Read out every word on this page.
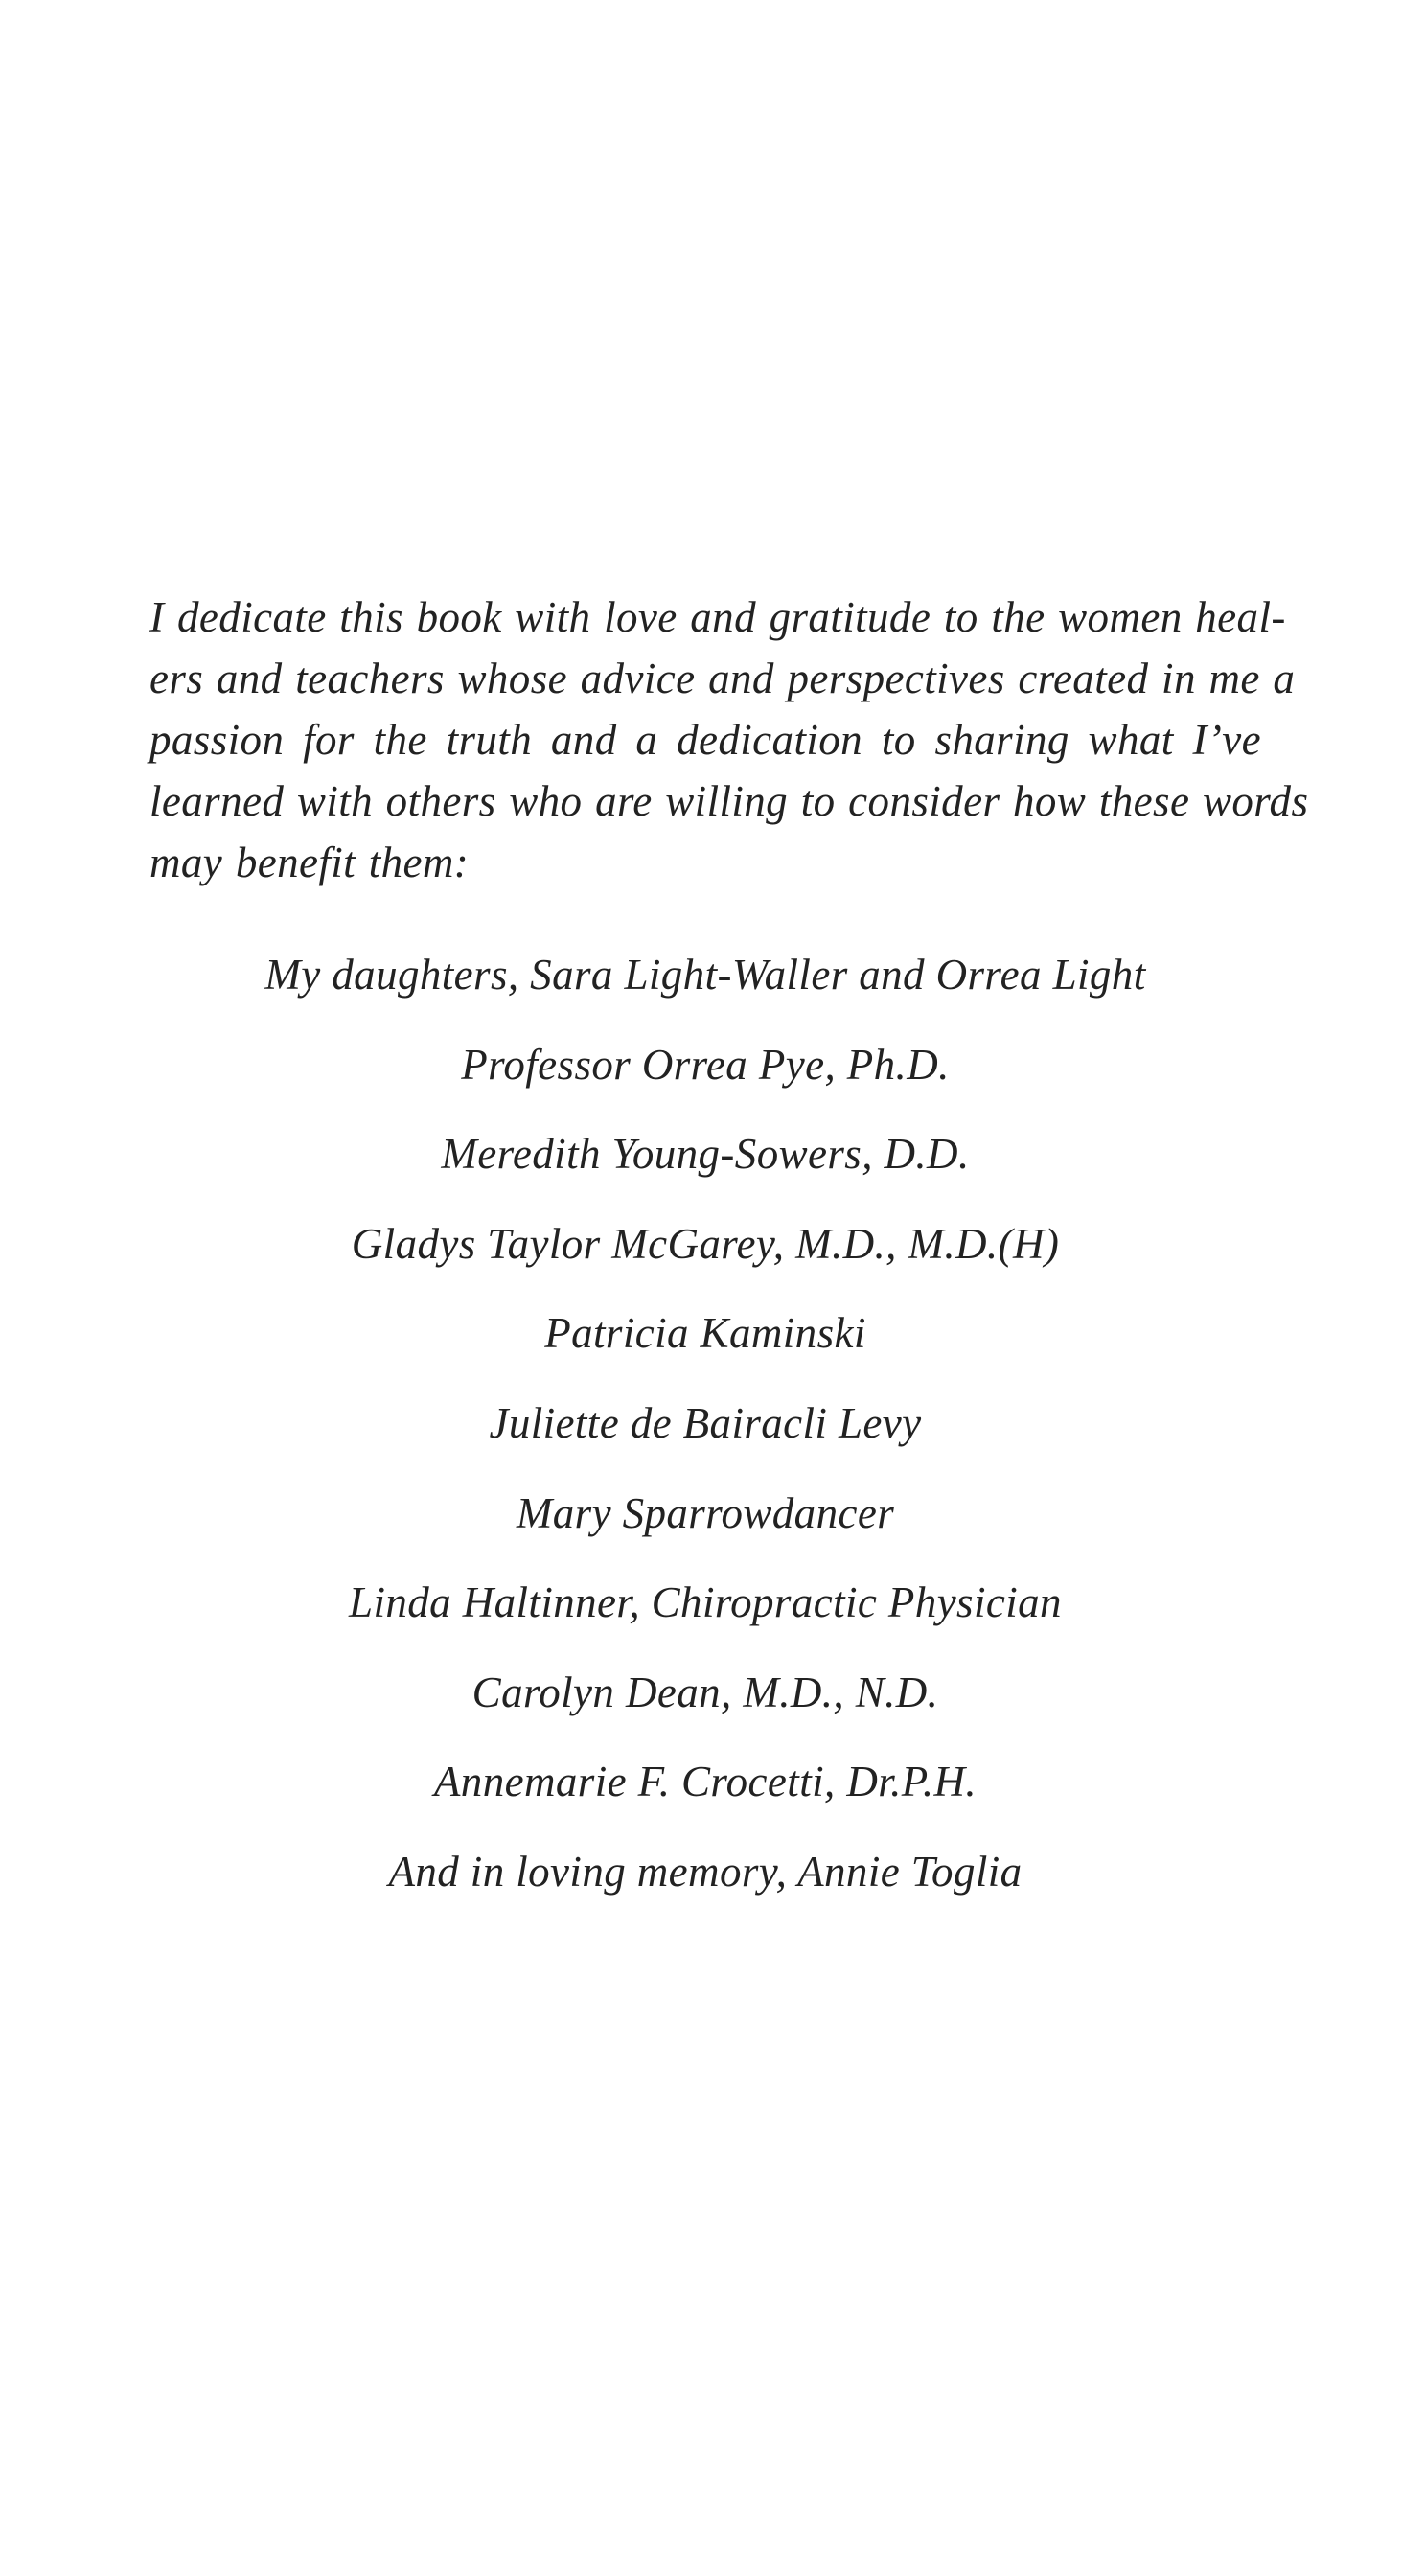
I dedicate this book with love and gratitude to the women heal-
ers and teachers whose advice and perspectives created in me a
passion for the truth and a dedication to sharing what I’ve
learned with others who are willing to consider how these words
may benefit them:
My daughters, Sara Light-Waller and Orrea Light
Professor Orrea Pye, Ph.D.
Meredith Young-Sowers, D.D.
Gladys Taylor McGarey, M.D., M.D.(H)
Patricia Kaminski
Juliette de Bairacli Levy
Mary Sparrowdancer
Linda Haltinner, Chiropractic Physician
Carolyn Dean, M.D., N.D.
Annemarie F. Crocetti, Dr.P.H.
And in loving memory, Annie Toglia
